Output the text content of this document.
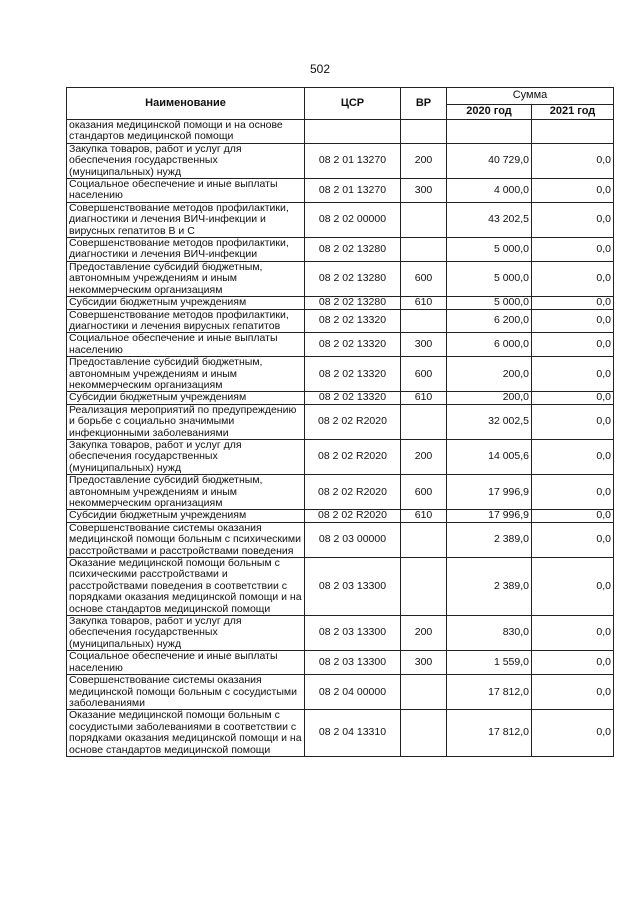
502
Наименование	ЦСР	ВР	Сумма	
			2020 год	2021 год
оказания медицинской помощи и на основе стандартов медицинской помощи				
Закупка товаров, работ и услуг для обеспечения государственных (муниципальных) нужд	08 2 01 13270	200	40 729,0	0,0
Социальное обеспечение и иные выплаты населению	08 2 01 13270	300	4 000,0	0,0
Совершенствование методов профилактики, диагностики и лечения ВИЧ-инфекции и вирусных гепатитов В и С	08 2 02 00000		43 202,5	0,0
Совершенствование методов профилактики, диагностики и лечения ВИЧ-инфекции	08 2 02 13280		5 000,0	0,0
Предоставление субсидий бюджетным, автономным учреждениям и иным некоммерческим организациям	08 2 02 13280	600	5 000,0	0,0
Субсидии бюджетным учреждениям	08 2 02 13280	610	5 000,0	0,0
Совершенствование методов профилактики, диагностики и лечения вирусных гепатитов	08 2 02 13320		6 200,0	0,0
Социальное обеспечение и иные выплаты населению	08 2 02 13320	300	6 000,0	0,0
Предоставление субсидий бюджетным, автономным учреждениям и иным некоммерческим организациям	08 2 02 13320	600	200,0	0,0
Субсидии бюджетным учреждениям	08 2 02 13320	610	200,0	0,0
Реализация мероприятий по предупреждению и борьбе с социально значимыми инфекционными заболеваниями	08 2 02 R2020		32 002,5	0,0
Закупка товаров, работ и услуг для обеспечения государственных (муниципальных) нужд	08 2 02 R2020	200	14 005,6	0,0
Предоставление субсидий бюджетным, автономным учреждениям и иным некоммерческим организациям	08 2 02 R2020	600	17 996,9	0,0
Субсидии бюджетным учреждениям	08 2 02 R2020	610	17 996,9	0,0
Совершенствование системы оказания медицинской помощи больным с психическими расстройствами и расстройствами поведения	08 2 03 00000		2 389,0	0,0
Оказание медицинской помощи больным с психическими расстройствами и расстройствами поведения в соответствии с порядками оказания медицинской помощи и на основе стандартов медицинской помощи	08 2 03 13300		2 389,0	0,0
Закупка товаров, работ и услуг для обеспечения государственных (муниципальных) нужд	08 2 03 13300	200	830,0	0,0
Социальное обеспечение и иные выплаты населению	08 2 03 13300	300	1 559,0	0,0
Совершенствование системы оказания медицинской помощи больным с сосудистыми заболеваниями	08 2 04 00000		17 812,0	0,0
Оказание медицинской помощи больным с сосудистыми заболеваниями в соответствии с порядками оказания медицинской помощи и на основе стандартов медицинской помощи	08 2 04 13310		17 812,0	0,0
